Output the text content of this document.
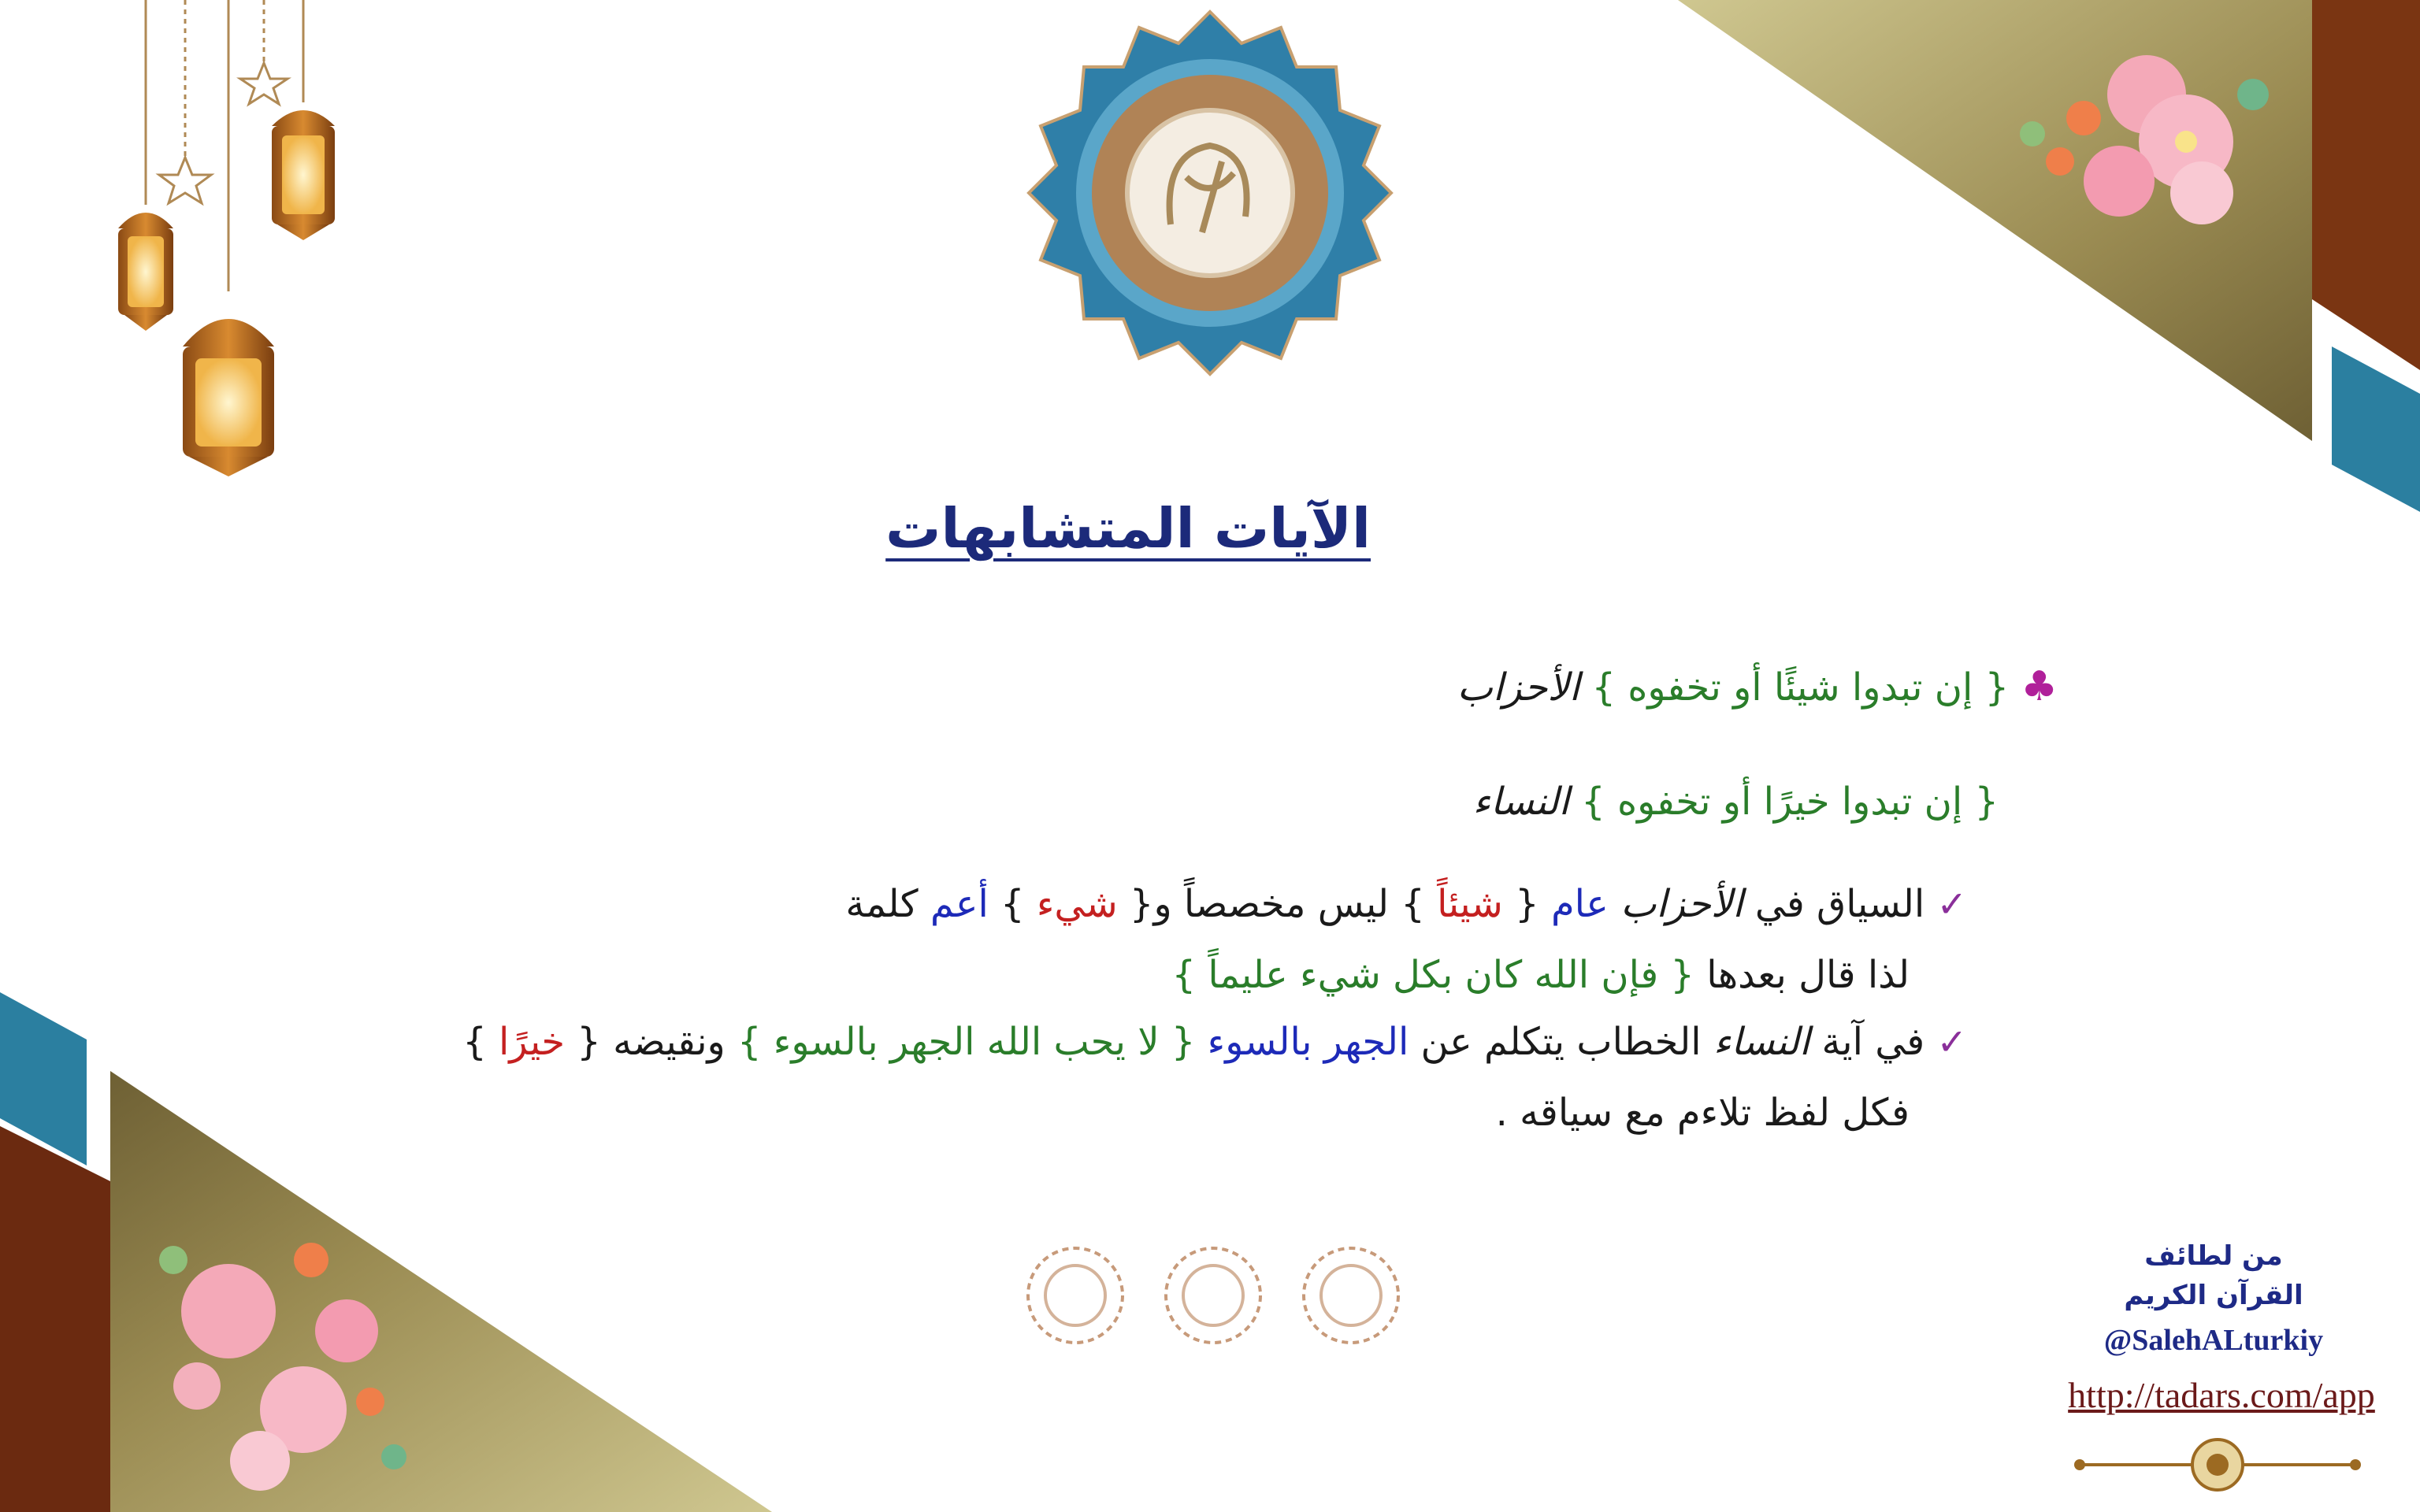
الآيات المتشابهات
♣ { إن تبدوا شيئًا أو تخفوه } الأحزاب
{ إن تبدوا خيرًا أو تخفوه } النساء
✓ السياق في الأحزاب عام { شيئاً } ليس مخصصاً و{ شيء } أعم كلمة
لذا قال بعدها { فإن الله كان بكل شيء عليماً }
✓ في آية النساء الخطاب يتكلم عن الجهر بالسوء { لا يحب الله الجهر بالسوء } ونقيضه { خيرًا }
فكل لفظ تلاءم مع سياقه .
من لطائف
القرآن الكريم
@SalehALturkiy
http://tadars.com/app
